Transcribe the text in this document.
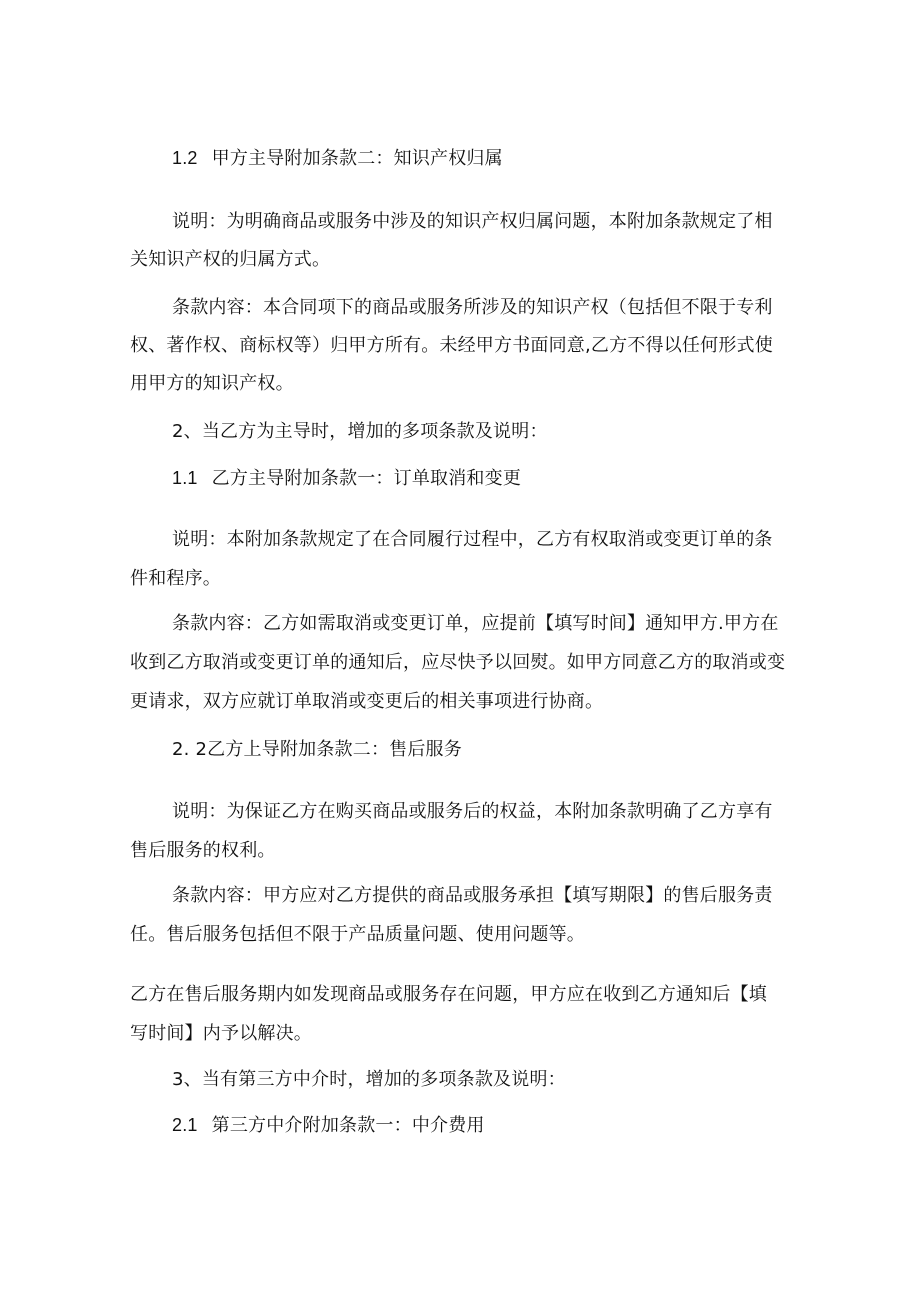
1.2 甲方主导附加条款二：知识产权归属
说明：为明确商品或服务中涉及的知识产权归属问题，本附加条款规定了相
关知识产权的归属方式。
条款内容：本合同项下的商品或服务所涉及的知识产权（包括但不限于专利
权、著作权、商标权等）归甲方所有。未经甲方书面同意,乙方不得以任何形式使
用甲方的知识产权。
2、当乙方为主导时，增加的多项条款及说明：
1.1 乙方主导附加条款一：订单取消和变更
说明：本附加条款规定了在合同履行过程中，乙方有权取消或变更订单的条
件和程序。
条款内容：乙方如需取消或变更订单，应提前【填写时间】通知甲方.甲方在
收到乙方取消或变更订单的通知后，应尽快予以回熨。如甲方同意乙方的取消或变
更请求，双方应就订单取消或变更后的相关事项进行协商。
2. 2乙方上导附加条款二：售后服务
说明：为保证乙方在购买商品或服务后的权益，本附加条款明确了乙方享有
售后服务的权利。
条款内容：甲方应对乙方提供的商品或服务承担【填写期限】的售后服务责
任。售后服务包括但不限于产品质量问题、使用问题等。
乙方在售后服务期内如发现商品或服务存在问题，甲方应在收到乙方通知后【填
写时间】内予以解决。
3、当有第三方中介时，增加的多项条款及说明：
2.1 第三方中介附加条款一：中介费用
